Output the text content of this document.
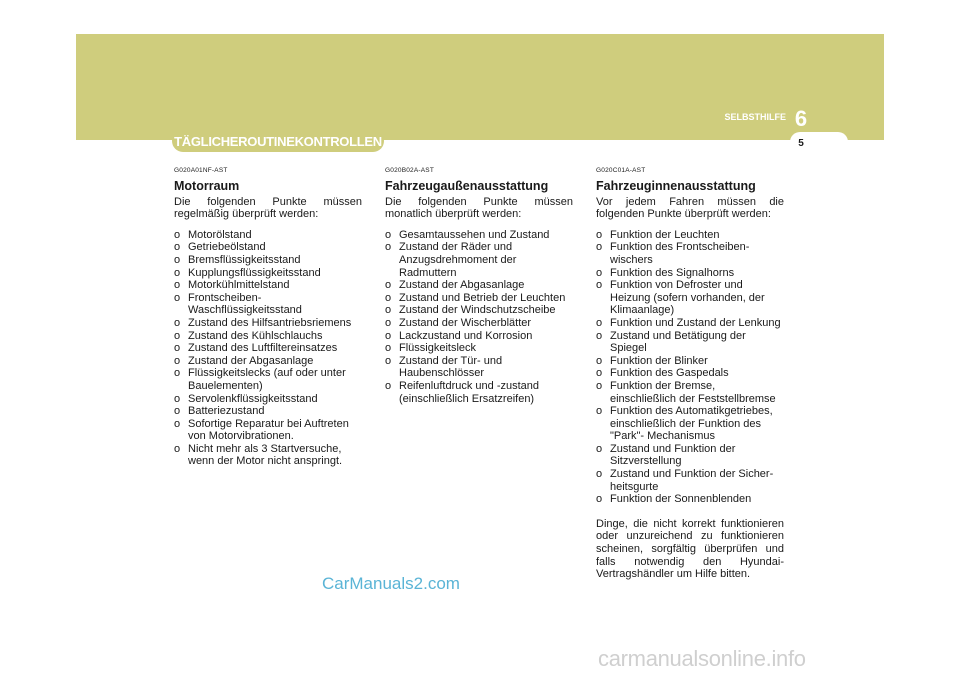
TÄGLICHEROUTINEKONTROLLEN
SELBSTHILFE 6
5
G020A01NF-AST
Motorraum

Die folgenden Punkte müssen regelmäßig überprüft werden:

o Motorölstand
o Getriebeölstand
o Bremsflüssigkeitsstand
o Kupplungsflüssigkeitsstand
o Motorkühlmittelstand
o Frontscheiben-Waschflüssigkeitsstand
o Zustand des Hilfsantriebsriemens
o Zustand des Kühlschlauchs
o Zustand des Luftfiltereinsatzes
o Zustand der Abgasanlage
o Flüssigkeitslecks (auf oder unter Bauelementen)
o Servolenkflüssigkeitsstand
o Batteriezustand
o Sofortige Reparatur bei Auftreten von Motorvibrationen.
o Nicht mehr als 3 Startversuche, wenn der Motor nicht anspringt.
G020B02A-AST
Fahrzeugaußenausstattung

Die folgenden Punkte müssen monatlich überprüft werden:

o Gesamtaussehen und Zustand
o Zustand der Räder und Anzugsdrehmoment der Radmuttern
o Zustand der Abgasanlage
o Zustand und Betrieb der Leuchten
o Zustand der Windschutzscheibe
o Zustand der Wischerblätter
o Lackzustand und Korrosion
o Flüssigkeitsleck
o Zustand der Tür- und Haubenschlösser
o Reifenluftdruck und -zustand (einschließlich Ersatzreifen)
G020C01A-AST
Fahrzeuginnenausstattung

Vor jedem Fahren müssen die folgenden Punkte überprüft werden:

o Funktion der Leuchten
o Funktion des Frontscheiben-wischers
o Funktion des Signalhorns
o Funktion von Defroster und Heizung (sofern vorhanden, der Klimaanlage)
o Funktion und Zustand der Lenkung
o Zustand und Betätigung der Spiegel
o Funktion der Blinker
o Funktion des Gaspedals
o Funktion der Bremse, einschließlich der Feststellbremse
o Funktion des Automatikgetriebes, einschließlich der Funktion des "Park"- Mechanismus
o Zustand und Funktion der Sitzverstellung
o Zustand und Funktion der Sicher-heitsgurte
o Funktion der Sonnenblenden

Dinge, die nicht korrekt funktionieren oder unzureichend zu funktionieren scheinen, sorgfältig überprüfen und falls notwendig den Hyundai-Vertragshändler um Hilfe bitten.

CarManuals2.com
carmanualsonline.info
